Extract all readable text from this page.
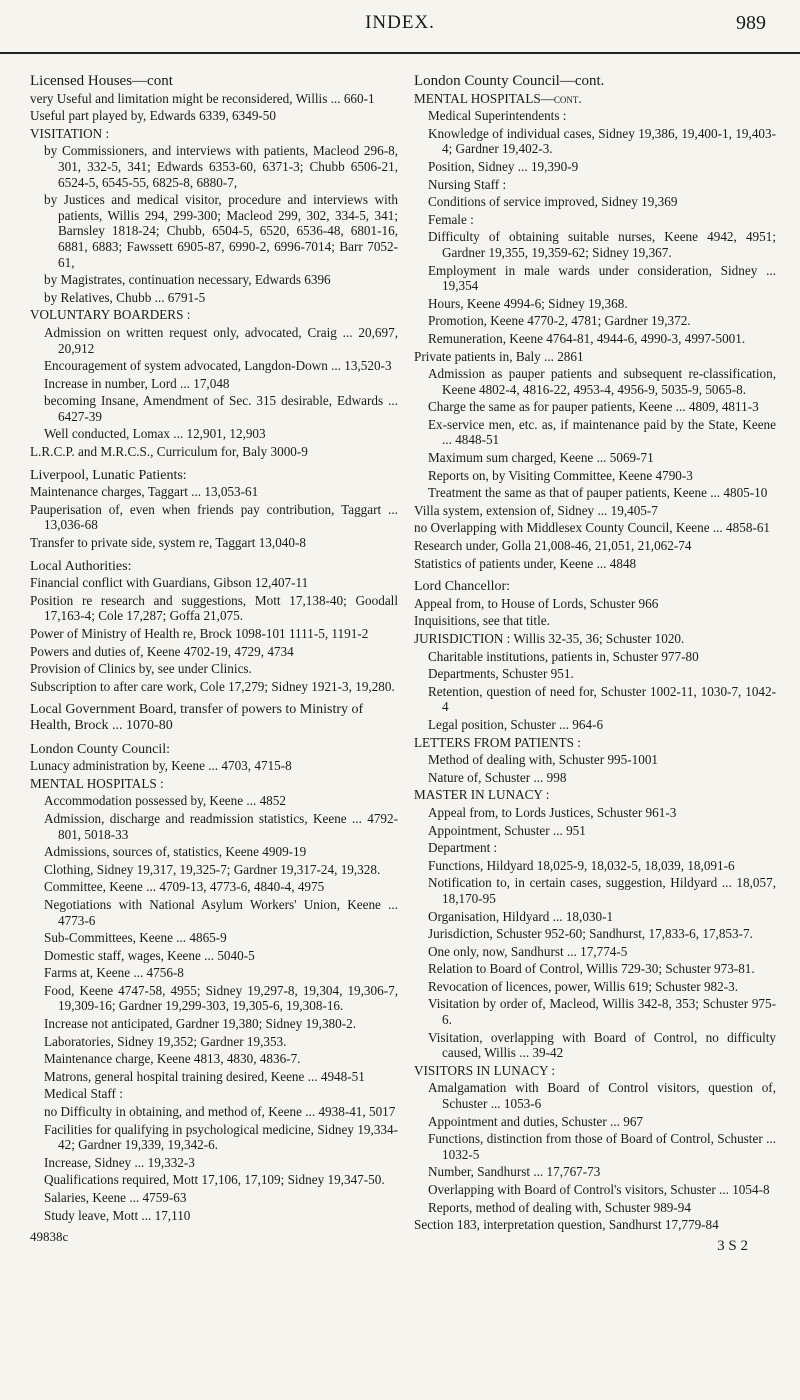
INDEX.	989
Licensed Houses—cont
very Useful and limitation might be reconsidered, Willis ... 660-1
Useful part played by, Edwards 6339, 6349-50
VISITATION :
by Commissioners, and interviews with patients, Macleod 296-8, 301, 332-5, 341; Edwards 6353-60, 6371-3; Chubb 6506-21, 6524-5, 6545-55, 6825-8, 6880-7,
by Justices and medical visitor, procedure and interviews with patients, Willis 294, 299-300; Macleod 299, 302, 334-5, 341; Barnsley 1818-24; Chubb, 6504-5, 6520, 6536-48, 6801-16, 6881, 6883; Fawssett 6905-87, 6990-2, 6996-7014; Barr 7052-61,
by Magistrates, continuation necessary, Edwards 6396
by Relatives, Chubb ... 6791-5
VOLUNTARY BOARDERS :
Admission on written request only, advocated, Craig ... 20,697, 20,912
Encouragement of system advocated, Langdon-Down ... 13,520-3
Increase in number, Lord ... 17,048
becoming Insane, Amendment of Sec. 315 desirable, Edwards ... 6427-39
Well conducted, Lomax ... 12,901, 12,903
L.R.C.P. and M.R.C.S., Curriculum for, Baly 3000-9
Liverpool, Lunatic Patients:
Maintenance charges, Taggart ... 13,053-61
Pauperisation of, even when friends pay contribution, Taggart ... 13,036-68
Transfer to private side, system re, Taggart 13,040-8
Local Authorities:
Financial conflict with Guardians, Gibson 12,407-11
Position re research and suggestions, Mott 17,138-40; Goodall 17,163-4; Cole 17,287; Goffa 21,075.
Power of Ministry of Health re, Brock 1098-101 1111-5, 1191-2
Powers and duties of, Keene 4702-19, 4729, 4734
Provision of Clinics by, see under Clinics.
Subscription to after care work, Cole 17,279; Sidney 1921-3, 19,280.
Local Government Board, transfer of powers to Ministry of Health, Brock ... 1070-80
London County Council:
Lunacy administration by, Keene ... 4703, 4715-8
MENTAL HOSPITALS :
Accommodation possessed by, Keene ... 4852
Admission, discharge and readmission statistics, Keene ... 4792-801, 5018-33
Admissions, sources of, statistics, Keene 4909-19
Clothing, Sidney 19,317, 19,325-7; Gardner 19,317-24, 19,328.
Committee, Keene ... 4709-13, 4773-6, 4840-4, 4975
Negotiations with National Asylum Workers' Union, Keene ... 4773-6
Sub-Committees, Keene ... 4865-9
Domestic staff, wages, Keene ... 5040-5
Farms at, Keene ... 4756-8
Food, Keene 4747-58, 4955; Sidney 19,297-8, 19,304, 19,306-7, 19,309-16; Gardner 19,299-303, 19,305-6, 19,308-16.
Increase not anticipated, Gardner 19,380; Sidney 19,380-2.
Laboratories, Sidney 19,352; Gardner 19,353.
Maintenance charge, Keene 4813, 4830, 4836-7.
Matrons, general hospital training desired, Keene ... 4948-51
Medical Staff :
no Difficulty in obtaining, and method of, Keene ... 4938-41, 5017
Facilities for qualifying in psychological medicine, Sidney 19,334-42; Gardner 19,339, 19,342-6.
Increase, Sidney ... 19,332-3
Qualifications required, Mott 17,106, 17,109; Sidney 19,347-50.
Salaries, Keene ... 4759-63
Study leave, Mott ... 17,110
49838c
London County Council—cont.
MENTAL HOSPITALS—cont.
Medical Superintendents :
Knowledge of individual cases, Sidney 19,386, 19,400-1, 19,403-4; Gardner 19,402-3.
Position, Sidney ... 19,390-9
Nursing Staff :
Conditions of service improved, Sidney 19,369
Female :
Difficulty of obtaining suitable nurses, Keene 4942, 4951; Gardner 19,355, 19,359-62; Sidney 19,367.
Employment in male wards under consideration, Sidney ... 19,354
Hours, Keene 4994-6; Sidney 19,368.
Promotion, Keene 4770-2, 4781; Gardner 19,372.
Remuneration, Keene 4764-81, 4944-6, 4990-3, 4997-5001.
Private patients in, Baly ... 2861
Admission as pauper patients and subsequent re-classification, Keene 4802-4, 4816-22, 4953-4, 4956-9, 5035-9, 5065-8.
Charge the same as for pauper patients, Keene ... 4809, 4811-3
Ex-service men, etc. as, if maintenance paid by the State, Keene ... 4848-51
Maximum sum charged, Keene ... 5069-71
Reports on, by Visiting Committee, Keene 4790-3
Treatment the same as that of pauper patients, Keene ... 4805-10
Villa system, extension of, Sidney ... 19,405-7
no Overlapping with Middlesex County Council, Keene ... 4858-61
Research under, Golla 21,008-46, 21,051, 21,062-74
Statistics of patients under, Keene ... 4848
Lord Chancellor:
Appeal from, to House of Lords, Schuster 966
Inquisitions, see that title.
JURISDICTION : Willis 32-35, 36; Schuster 1020.
Charitable institutions, patients in, Schuster 977-80
Departments, Schuster 951.
Retention, question of need for, Schuster 1002-11, 1030-7, 1042-4
Legal position, Schuster ... 964-6
LETTERS FROM PATIENTS :
Method of dealing with, Schuster 995-1001
Nature of, Schuster ... 998
MASTER IN LUNACY :
Appeal from, to Lords Justices, Schuster 961-3
Appointment, Schuster ... 951
Department :
Functions, Hildyard 18,025-9, 18,032-5, 18,039, 18,091-6
Notification to, in certain cases, suggestion, Hildyard ... 18,057, 18,170-95
Organisation, Hildyard ... 18,030-1
Jurisdiction, Schuster 952-60; Sandhurst, 17,833-6, 17,853-7.
One only, now, Sandhurst ... 17,774-5
Relation to Board of Control, Willis 729-30; Schuster 973-81.
Revocation of licences, power, Willis 619; Schuster 982-3.
Visitation by order of, Macleod, Willis 342-8, 353; Schuster 975-6.
Visitation, overlapping with Board of Control, no difficulty caused, Willis ... 39-42
VISITORS IN LUNACY :
Amalgamation with Board of Control visitors, question of, Schuster ... 1053-6
Appointment and duties, Schuster ... 967
Functions, distinction from those of Board of Control, Schuster ... 1032-5
Number, Sandhurst ... 17,767-73
Overlapping with Board of Control's visitors, Schuster ... 1054-8
Reports, method of dealing with, Schuster 989-94
Section 183, interpretation question, Sandhurst 17,779-84
3 S 2
